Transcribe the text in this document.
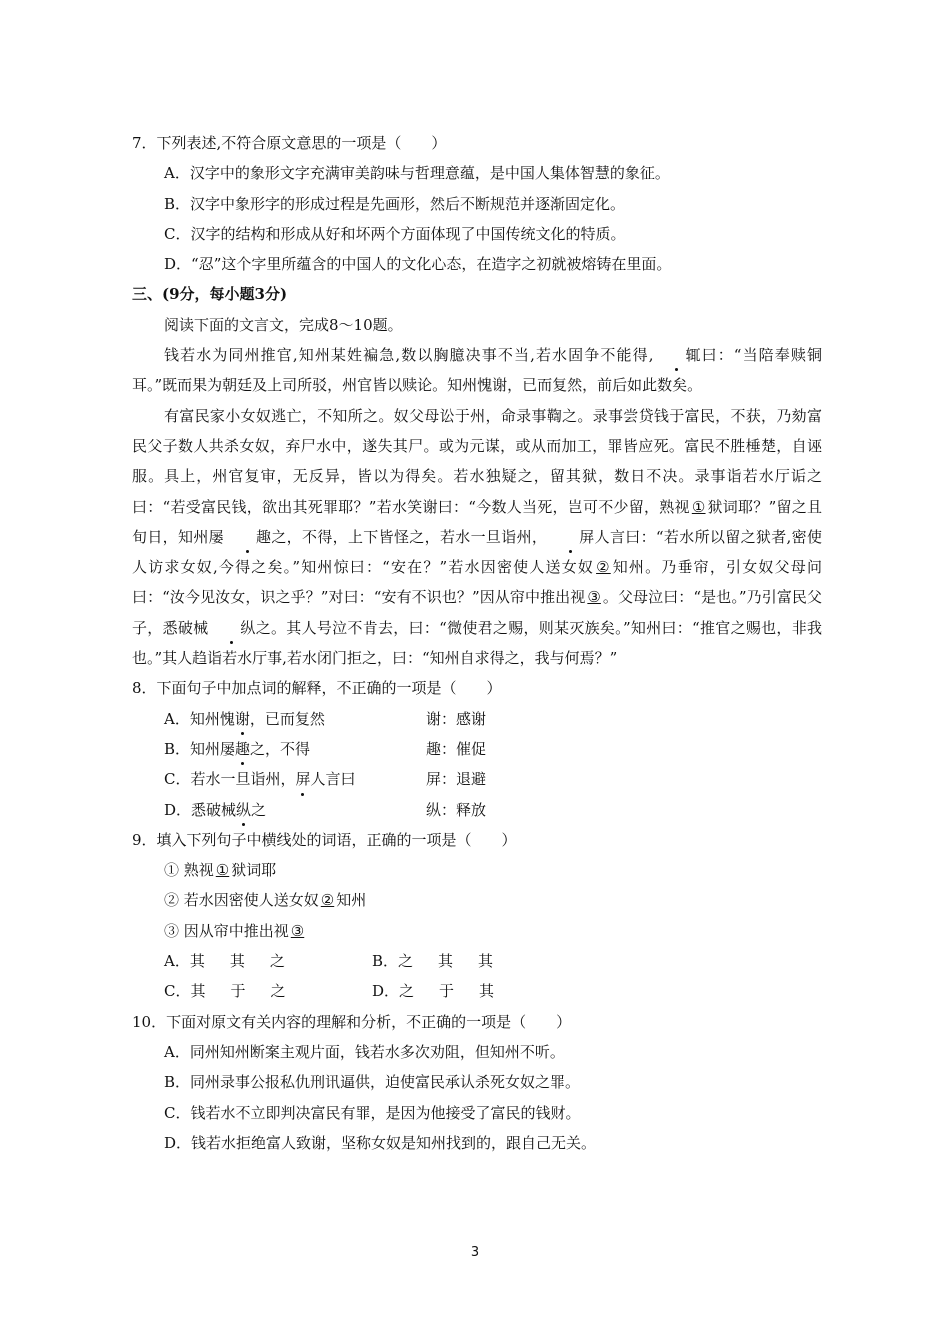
7．下列表述,不符合原文意思的一项是（　　）
A．汉字中的象形文字充满审美韵味与哲理意蕴，是中国人集体智慧的象征。
B．汉字中象形字的形成过程是先画形，然后不断规范并逐渐固定化。
C．汉字的结构和形成从好和坏两个方面体现了中国传统文化的特质。
D．“忍”这个字里所蕴含的中国人的文化心态，在造字之初就被熔铸在里面。
三、(9分，每小题3分)
阅读下面的文言文，完成8～10题。
钱若水为同州推官,知州某姓褊急,数以胸臆决事不当,若水固争不能得, 辄曰：“当陪奉赎铜耳。”既而果为朝廷及上司所驳，州官皆以赎论。知州愧谢，已而复然，前后如此数矣。
有富民家小女奴逃亡，不知所之。奴父母讼于州，命录事鞫之。录事尝贷钱于富民，不获，乃劾富民父子数人共杀女奴，弃尸水中，遂失其尸。或为元谋，或从而加工，罪皆应死。富民不胜棰楚，自诬服。具上，州官复审，无反异，皆以为得矣。若水独疑之，留其狱，数日不决。录事诣若水厅诟之曰：“若受富民钱，欲出其死罪耶？”若水笑谢曰：“今数人当死，岂可不少留，熟视 ① 狱词耶？”留之且旬日，知州屡 趣之，不得，上下皆怪之，若水一旦诣州， 屏人言曰：“若水所以留之狱者,密使人访求女奴,今得之矣。”知州惊曰：“安在？”若水因密使人送女奴 ② 知州。乃垂帘，引女奴父母问曰：“汝今见汝女，识之乎？”对曰：“安有不识也？”因从帘中推出视 ③ 。父母泣曰：“是也。”乃引富民父子，悉破械 纵之。其人号泣不肯去，曰：“微使君之赐，则某灭族矣。”知州曰：“推官之赐也，非我也。”其人趋诣若水厅事,若水闭门拒之，曰：“知州自求得之，我与何焉？”
8．下面句子中加点词的解释，不正确的一项是（　　）
A．知州愧谢，已而复然	谢：感谢
B．知州屡趣之，不得	趣：催促
C．若水一旦诣州，屏人言曰	屏：退避
D．悉破械纵之	纵：释放
9．填入下列句子中横线处的词语，正确的一项是（　　）
① 熟视 ① 狱词耶
② 若水因密使人送女奴 ② 知州
③ 因从帘中推出视 ③
A．其 其 之	B．之 其 其
C．其 于 之	D．之 于 其
10．下面对原文有关内容的理解和分析，不正确的一项是（　　）
A．同州知州断案主观片面，钱若水多次劝阻，但知州不听。
B．同州录事公报私仇刑讯逼供，迫使富民承认杀死女奴之罪。
C．钱若水不立即判决富民有罪，是因为他接受了富民的钱财。
D．钱若水拒绝富人致谢，坚称女奴是知州找到的，跟自己无关。
3
